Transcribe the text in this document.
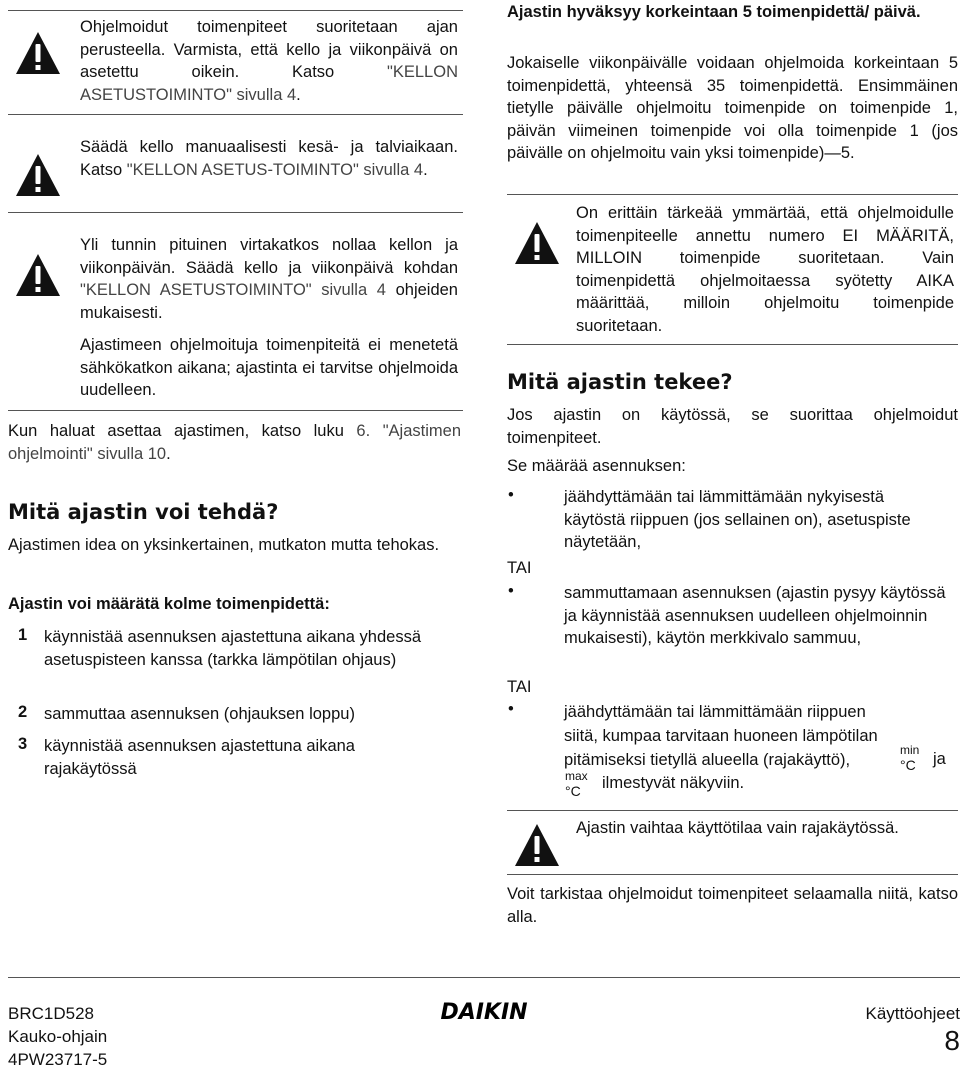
Ohjelmoidut toimenpiteet suoritetaan ajan perusteella. Varmista, että kello ja viikonpäivä on asetettu oikein. Katso "KELLON ASETUSTOIMINTO" sivulla 4.
Säädä kello manuaalisesti kesä- ja talviaikaan. Katso "KELLON ASETUS-TOIMINTO" sivulla 4.
Yli tunnin pituinen virtakatkos nollaa kellon ja viikonpäivän. Säädä kello ja viikonpäivä kohdan "KELLON ASETUSTOIMINTO" sivulla 4 ohjeiden mukaisesti.
Ajastimeen ohjelmoituja toimenpiteitä ei menetetä sähkökatkon aikana; ajastinta ei tarvitse ohjelmoida uudelleen.
Kun haluat asettaa ajastimen, katso luku 6. "Ajastimen ohjelmointi" sivulla 10.
Mitä ajastin voi tehdä?
Ajastimen idea on yksinkertainen, mutkaton mutta tehokas.
Ajastin voi määrätä kolme toimenpidettä:
1 käynnistää asennuksen ajastettuna aikana yhdessä asetuspisteen kanssa (tarkka lämpötilan ohjaus)
2 sammuttaa asennuksen (ohjauksen loppu)
3 käynnistää asennuksen ajastettuna aikana rajakäytössä
Ajastin hyväksyy korkeintaan 5 toimenpidettä/ päivä.
Jokaiselle viikonpäivälle voidaan ohjelmoida korkeintaan 5 toimenpidettä, yhteensä 35 toimenpidettä. Ensimmäinen tietylle päivälle ohjelmoitu toimenpide on toimenpide 1, päivän viimeinen toimenpide voi olla toimenpide 1 (jos päivälle on ohjelmoitu vain yksi toimenpide)—5.
On erittäin tärkeää ymmärtää, että ohjelmoidulle toimenpiteelle annettu numero EI MÄÄRITÄ, MILLOIN toimenpide suoritetaan. Vain toimenpidettä ohjelmoitaessa syötetty AIKA määrittää, milloin ohjelmoitu toimenpide suoritetaan.
Mitä ajastin tekee?
Jos ajastin on käytössä, se suorittaa ohjelmoidut toimenpiteet.
Se määrää asennuksen:
•	jäähdyttämään tai lämmittämään nykyisestä käytöstä riippuen (jos sellainen on), asetuspiste näytetään,
TAI
•	sammuttamaan asennuksen (ajastin pysyy käytössä ja käynnistää asennuksen uudelleen ohjelmoinnin mukaisesti), käytön merkkivalo sammuu,
TAI
•	jäähdyttämään tai lämmittämään riippuen siitä, kumpaa tarvitaan huoneen lämpötilan pitämiseksi tietyllä alueella (rajakäyttö),
min
°C ja
max
°C ilmestyvät näkyviin.
Ajastin vaihtaa käyttötilaa vain rajakäytössä.
Voit tarkistaa ohjelmoidut toimenpiteet selaamalla niitä, katso alla.
BRC1D528
Kauko-ohjain
4PW23717-5
DAIKIN	Käyttöohjeet
8
